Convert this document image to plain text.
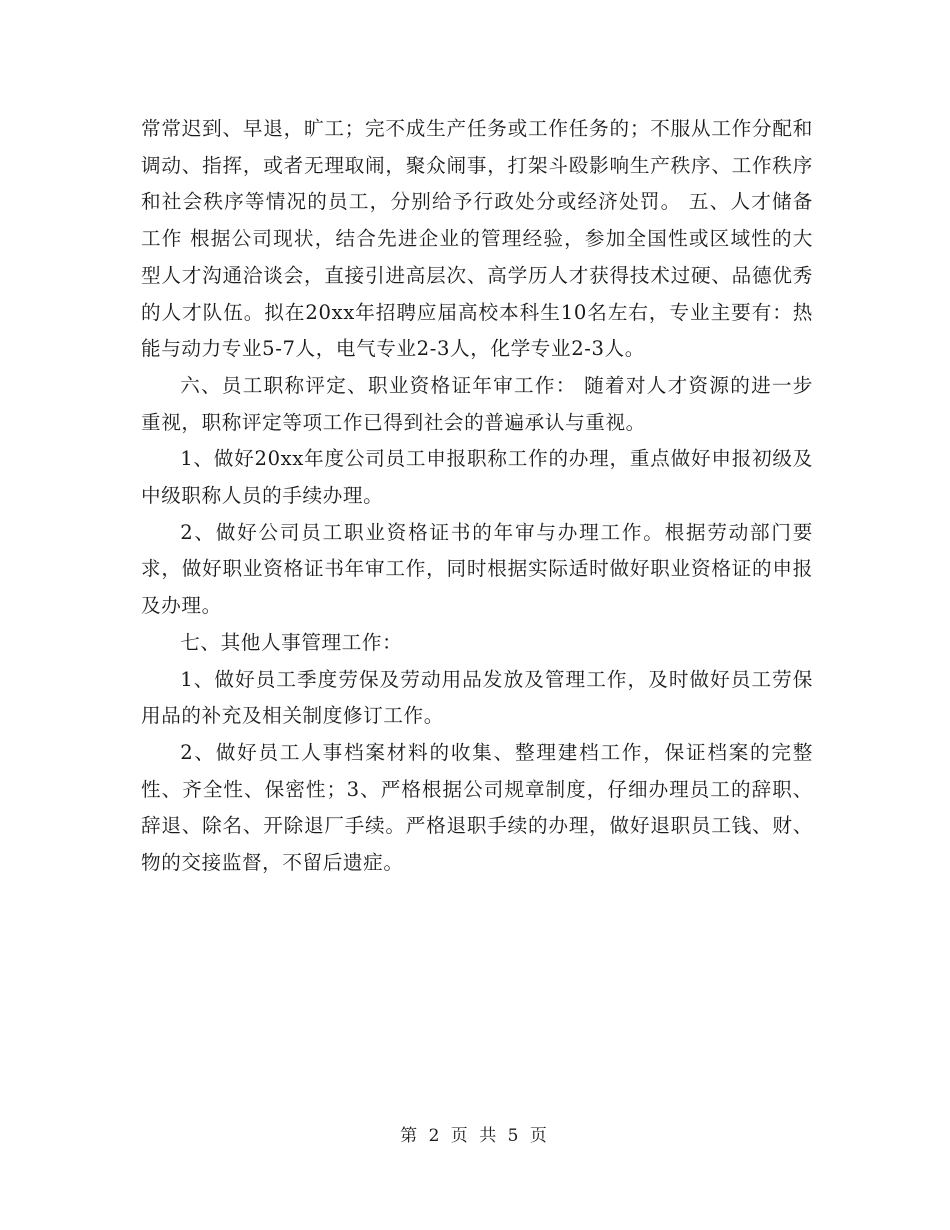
常常迟到、早退，旷工；完不成生产任务或工作任务的；不服从工作分配和调动、指挥，或者无理取闹，聚众闹事，打架斗殴影响生产秩序、工作秩序和社会秩序等情况的员工，分别给予行政处分或经济处罚。 五、人才储备工作 根据公司现状，结合先进企业的管理经验，参加全国性或区域性的大型人才沟通洽谈会，直接引进高层次、高学历人才获得技术过硬、品德优秀的人才队伍。拟在20xx年招聘应届高校本科生10名左右，专业主要有：热能与动力专业5-7人，电气专业2-3人，化学专业2-3人。

六、员工职称评定、职业资格证年审工作： 随着对人才资源的进一步重视，职称评定等项工作已得到社会的普遍承认与重视。

1、做好20xx年度公司员工申报职称工作的办理，重点做好申报初级及中级职称人员的手续办理。

2、做好公司员工职业资格证书的年审与办理工作。根据劳动部门要求，做好职业资格证书年审工作，同时根据实际适时做好职业资格证的申报及办理。

七、其他人事管理工作：

1、做好员工季度劳保及劳动用品发放及管理工作，及时做好员工劳保用品的补充及相关制度修订工作。

2、做好员工人事档案材料的收集、整理建档工作，保证档案的完整性、齐全性、保密性；3、严格根据公司规章制度，仔细办理员工的辞职、辞退、除名、开除退厂手续。严格退职手续的办理，做好退职员工钱、财、物的交接监督，不留后遗症。

第 2 页 共 5 页
